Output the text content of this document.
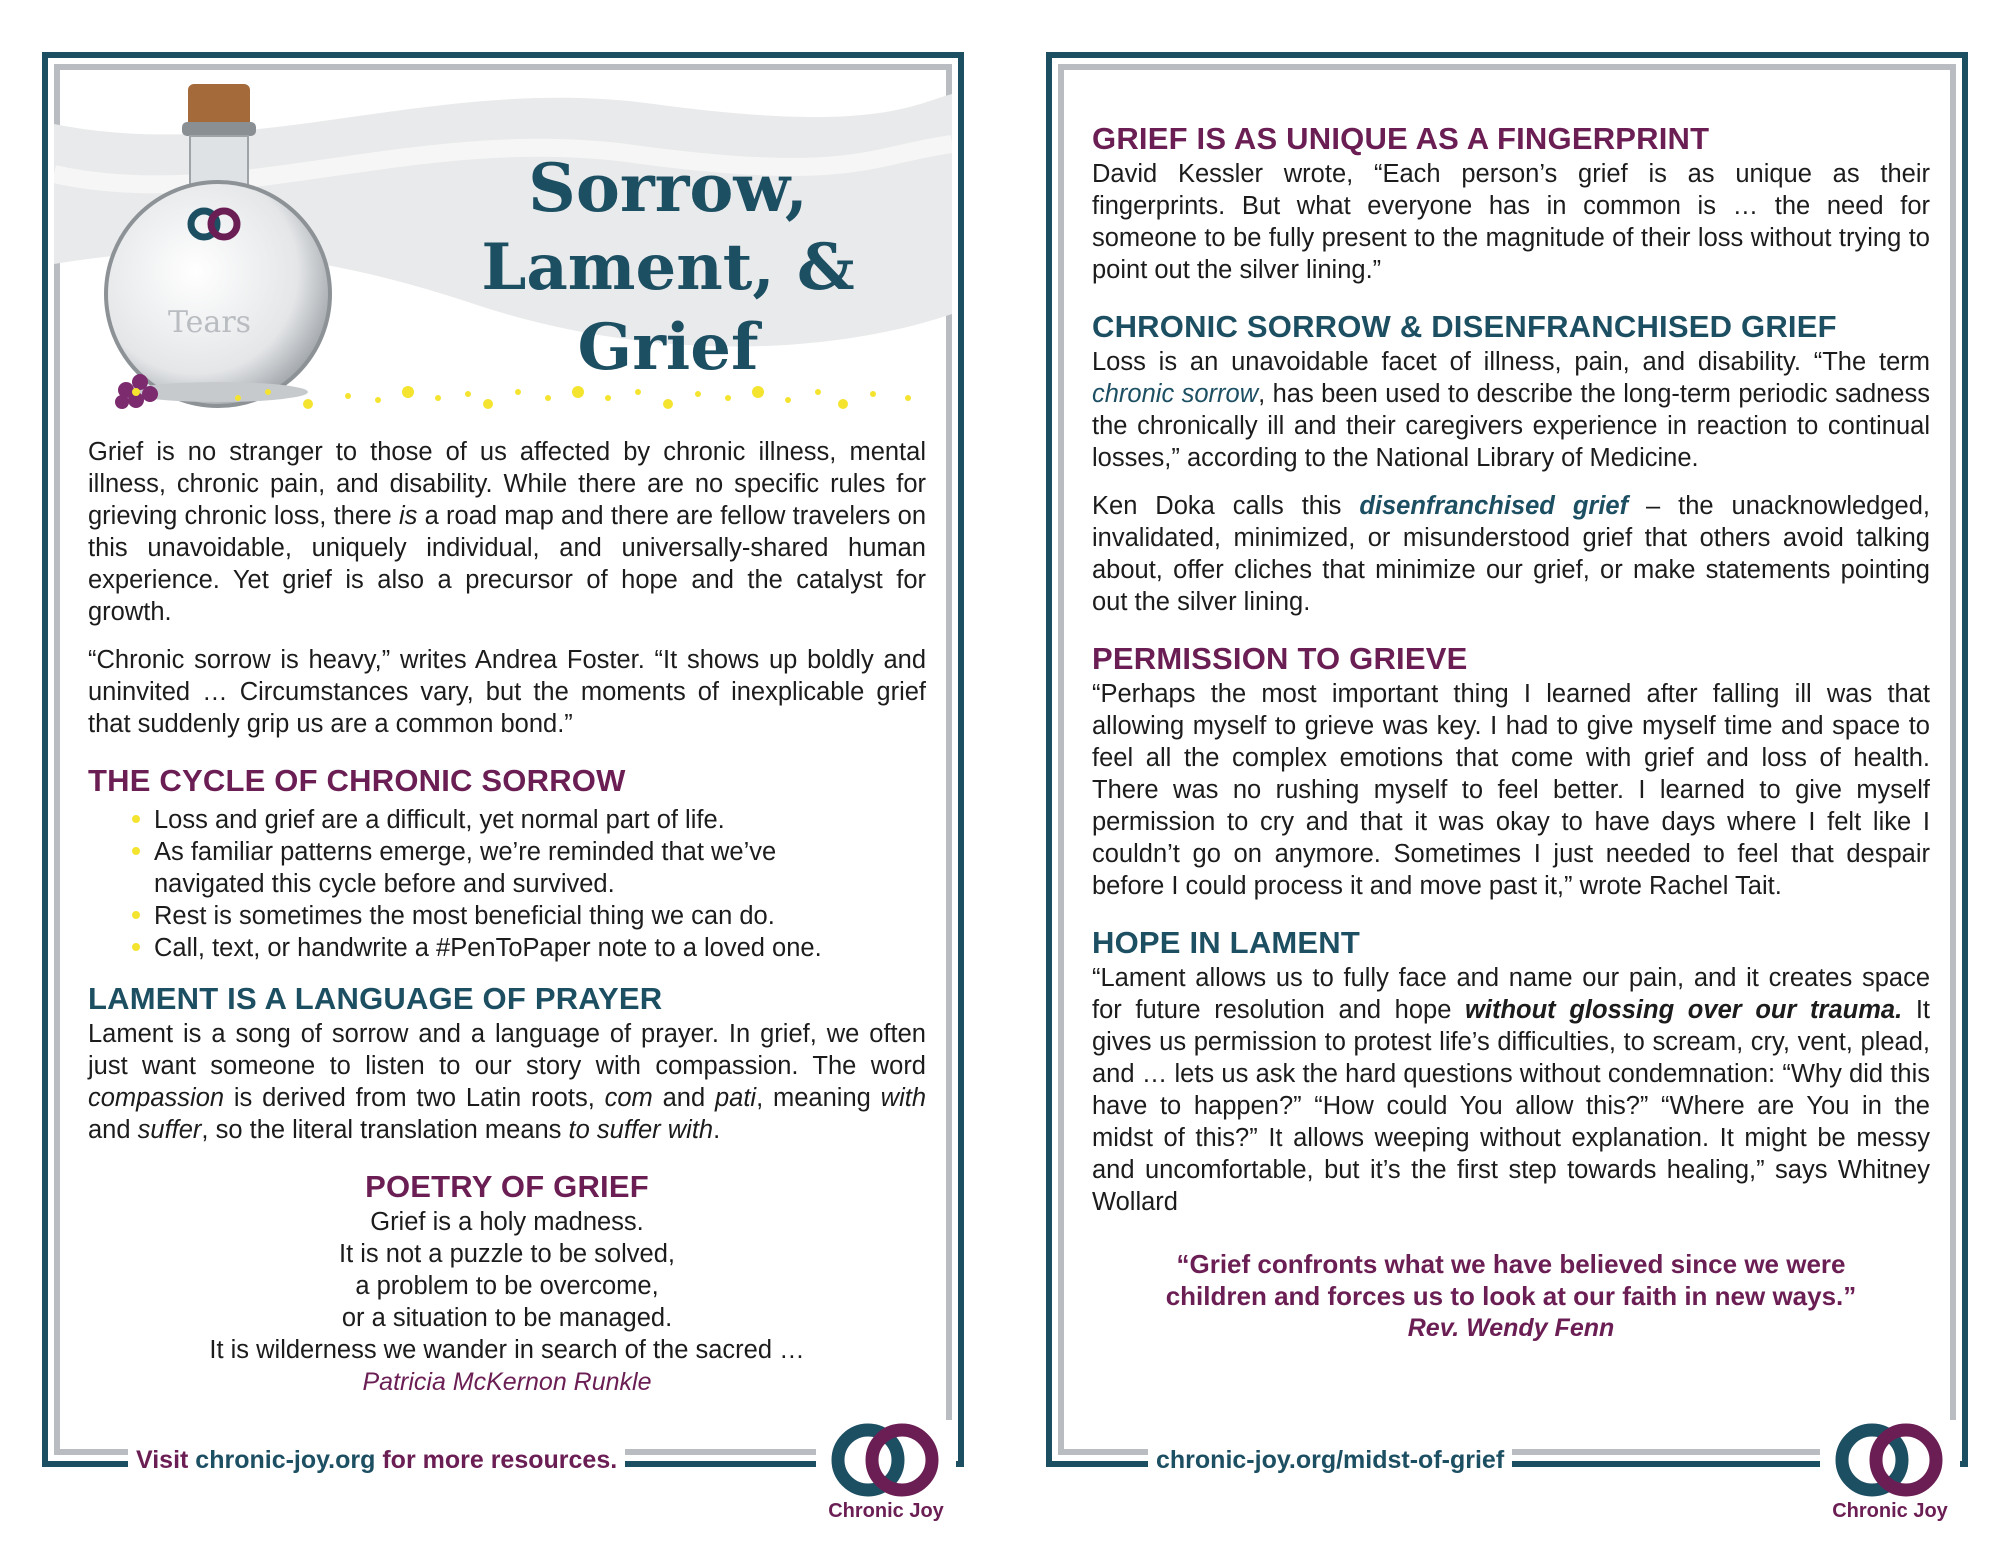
Tears
Sorrow,
Lament, & Grief

Grief is no stranger to those of us affected by chronic illness, mental illness, chronic pain, and disability. While there are no specific rules for grieving chronic loss, there is a road map and there are fellow travelers on this unavoidable, uniquely individual, and universally-shared human experience. Yet grief is also a precursor of hope and the catalyst for growth.

“Chronic sorrow is heavy,” writes Andrea Foster. “It shows up boldly and uninvited … Circumstances vary, but the moments of inexplicable grief that suddenly grip us are a common bond.”

THE CYCLE OF CHRONIC SORROW
Loss and grief are a difficult, yet normal part of life.
As familiar patterns emerge, we’re reminded that we’ve navigated this cycle before and survived.
Rest is sometimes the most beneficial thing we can do.
Call, text, or handwrite a #PenToPaper note to a loved one.
LAMENT IS A LANGUAGE OF PRAYER

Lament is a song of sorrow and a language of prayer. In grief, we often just want someone to listen to our story with compassion. The word compassion is derived from two Latin roots, com and pati, meaning with and suffer, so the literal translation means to suffer with.

POETRY OF GRIEF
Grief is a holy madness.
It is not a puzzle to be solved,
a problem to be overcome,
or a situation to be managed.
It is wilderness we wander in search of the sacred …
Patricia McKernon Runkle
Visit chronic-joy.org for more resources.
Chronic Joy
GRIEF IS AS UNIQUE AS A FINGERPRINT

David Kessler wrote, “Each person’s grief is as unique as their fingerprints. But what everyone has in common is … the need for someone to be fully present to the magnitude of their loss without trying to point out the silver lining.”

CHRONIC SORROW & DISENFRANCHISED GRIEF

Loss is an unavoidable facet of illness, pain, and disability. “The term chronic sorrow, has been used to describe the long-term periodic sadness the chronically ill and their caregivers experience in reaction to continual losses,” according to the National Library of Medicine.

Ken Doka calls this disenfranchised grief – the unacknowledged, invalidated, minimized, or misunderstood grief that others avoid talking about, offer cliches that minimize our grief, or make statements pointing out the silver lining.

PERMISSION TO GRIEVE

“Perhaps the most important thing I learned after falling ill was that allowing myself to grieve was key. I had to give myself time and space to feel all the complex emotions that come with grief and loss of health. There was no rushing myself to feel better. I learned to give myself permission to cry and that it was okay to have days where I felt like I couldn’t go on anymore. Sometimes I just needed to feel that despair before I could process it and move past it,” wrote Rachel Tait.

HOPE IN LAMENT

“Lament allows us to fully face and name our pain, and it creates space for future resolution and hope without glossing over our trauma. It gives us permission to protest life’s difficulties, to scream, cry, vent, plead, and … lets us ask the hard questions without condemnation: “Why did this have to happen?” “How could You allow this?” “Where are You in the midst of this?” It allows weeping without explanation. It might be messy and uncomfortable, but it’s the first step towards healing,” says Whitney Wollard

“Grief confronts what we have believed since we were
children and forces us to look at our faith in new ways.”
Rev. Wendy Fenn
chronic-joy.org/midst-of-grief
Chronic Joy
